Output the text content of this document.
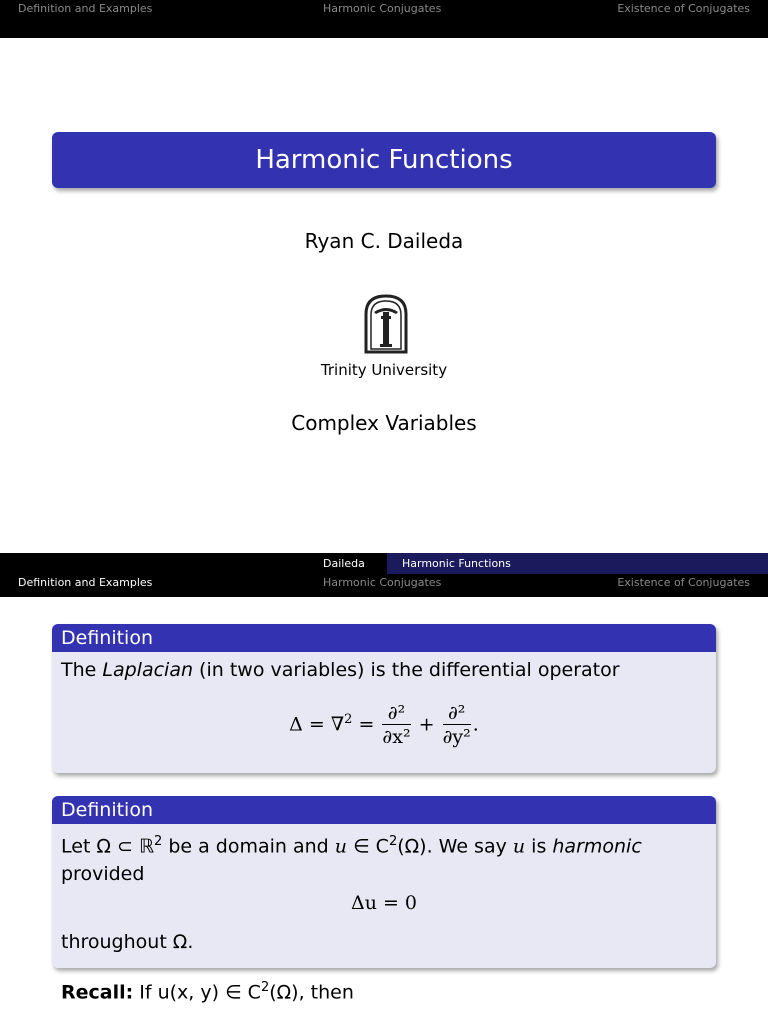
Definition and Examples	Harmonic Conjugates	Existence of Conjugates
Harmonic Functions
Ryan C. Daileda
Trinity University
Complex Variables
Daileda	Harmonic Functions
Definition and Examples	Harmonic Conjugates	Existence of Conjugates
Definition
The Laplacian (in two variables) is the differential operator
$\Delta = \nabla^2 = \frac{\text{∂²}}{\text{∂x²}} + \frac{\text{∂²}}{\text{∂y²}}$ .
Definition
Let Ω ⊂ ℝ$^2$ be a domain and u ∈ $C^2(\Omega)$. We say u is harmonic
provided
Δu = 0
throughout Ω.
Recall: If u(x, y) ∈ $C^2(\Omega)$, then
